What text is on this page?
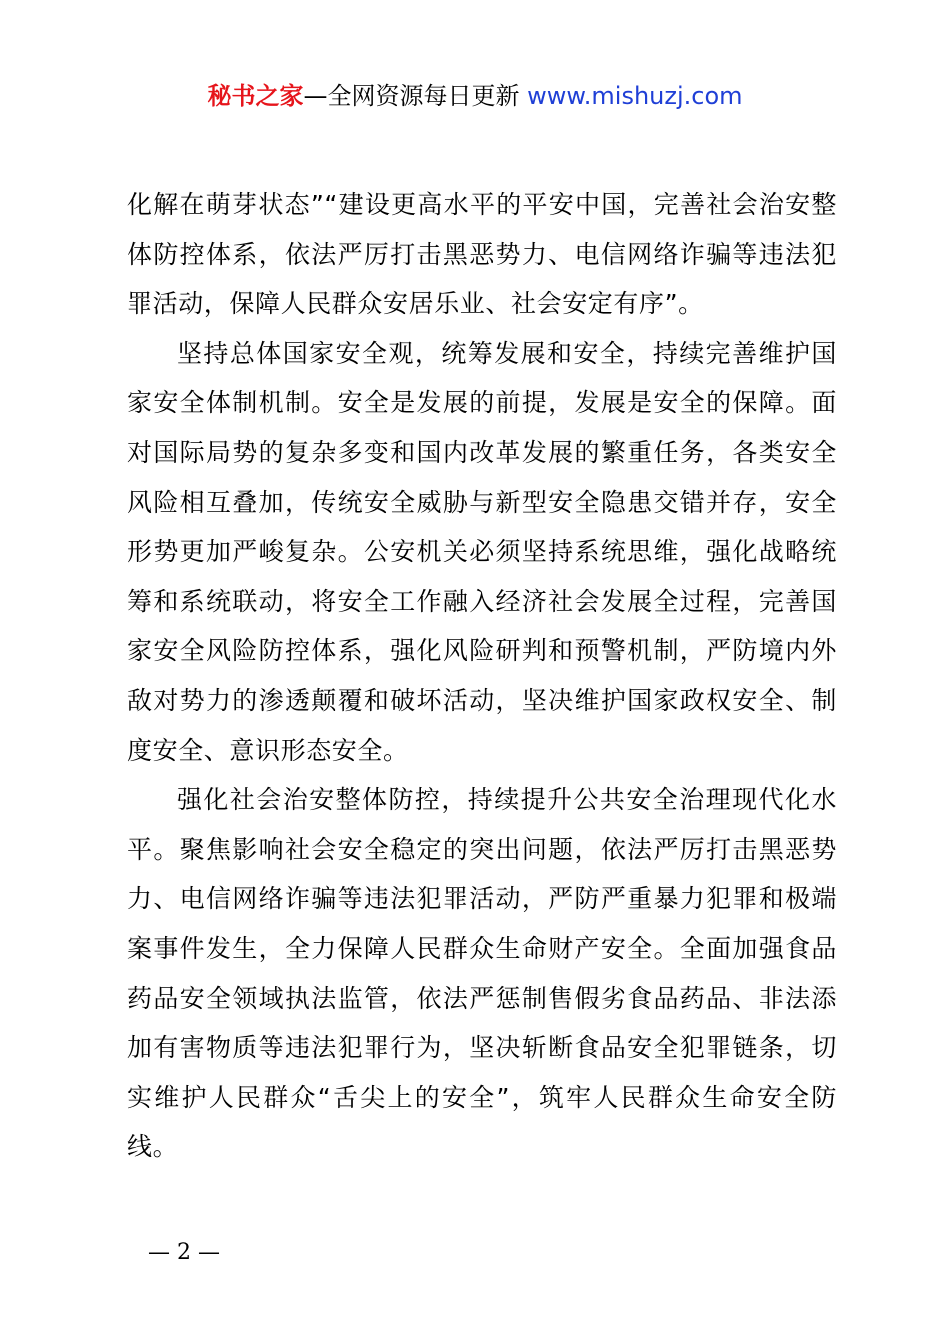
秘书之家—全网资源每日更新 www.mishuzj.com

化解在萌芽状态”“建设更高水平的平安中国，完善社会治安整体防控体系，依法严厉打击黑恶势力、电信网络诈骗等违法犯罪活动，保障人民群众安居乐业、社会安定有序”。

坚持总体国家安全观，统筹发展和安全，持续完善维护国家安全体制机制。安全是发展的前提，发展是安全的保障。面对国际局势的复杂多变和国内改革发展的繁重任务，各类安全风险相互叠加，传统安全威胁与新型安全隐患交错并存，安全形势更加严峻复杂。公安机关必须坚持系统思维，强化战略统筹和系统联动，将安全工作融入经济社会发展全过程，完善国家安全风险防控体系，强化风险研判和预警机制，严防境内外敌对势力的渗透颠覆和破坏活动，坚决维护国家政权安全、制度安全、意识形态安全。

强化社会治安整体防控，持续提升公共安全治理现代化水平。聚焦影响社会安全稳定的突出问题，依法严厉打击黑恶势力、电信网络诈骗等违法犯罪活动，严防严重暴力犯罪和极端案事件发生，全力保障人民群众生命财产安全。全面加强食品药品安全领域执法监管，依法严惩制售假劣食品药品、非法添加有害物质等违法犯罪行为，坚决斩断食品安全犯罪链条，切实维护人民群众“舌尖上的安全”，筑牢人民群众生命安全防线。

— 2 —
